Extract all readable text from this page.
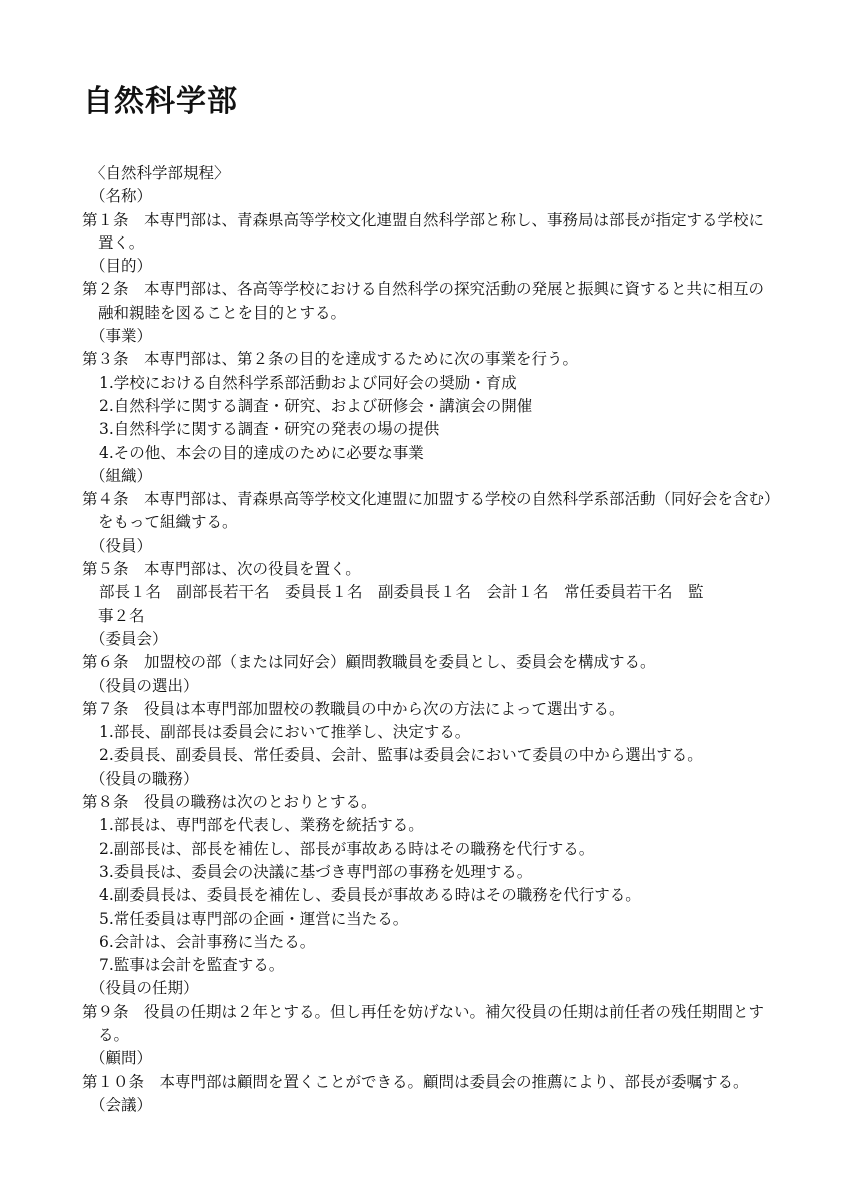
自然科学部

〈自然科学部規程〉

（名称）

第１条　本専門部は、青森県高等学校文化連盟自然科学部と称し、事務局は部長が指定する学校に置く。

（目的）

第２条　本専門部は、各高等学校における自然科学の探究活動の発展と振興に資すると共に相互の融和親睦を図ることを目的とする。

（事業）

第３条　本専門部は、第２条の目的を達成するために次の事業を行う。

1.学校における自然科学系部活動および同好会の奨励・育成

2.自然科学に関する調査・研究、および研修会・講演会の開催

3.自然科学に関する調査・研究の発表の場の提供

4.その他、本会の目的達成のために必要な事業

（組織）

第４条　本専門部は、青森県高等学校文化連盟に加盟する学校の自然科学系部活動（同好会を含む）をもって組織する。

（役員）

第５条　本専門部は、次の役員を置く。

部長１名　副部長若干名　委員長１名　副委員長１名　会計１名　常任委員若干名　監

事２名

（委員会）

第６条　加盟校の部（または同好会）顧問教職員を委員とし、委員会を構成する。

（役員の選出）

第７条　役員は本専門部加盟校の教職員の中から次の方法によって選出する。

1.部長、副部長は委員会において推挙し、決定する。

2.委員長、副委員長、常任委員、会計、監事は委員会において委員の中から選出する。

（役員の職務）

第８条　役員の職務は次のとおりとする。

1.部長は、専門部を代表し、業務を統括する。

2.副部長は、部長を補佐し、部長が事故ある時はその職務を代行する。

3.委員長は、委員会の決議に基づき専門部の事務を処理する。

4.副委員長は、委員長を補佐し、委員長が事故ある時はその職務を代行する。

5.常任委員は専門部の企画・運営に当たる。

6.会計は、会計事務に当たる。

7.監事は会計を監査する。

（役員の任期）

第９条　役員の任期は２年とする。但し再任を妨げない。補欠役員の任期は前任者の残任期間とする。

（顧問）

第１０条　本専門部は顧問を置くことができる。顧問は委員会の推薦により、部長が委嘱する。

（会議）
